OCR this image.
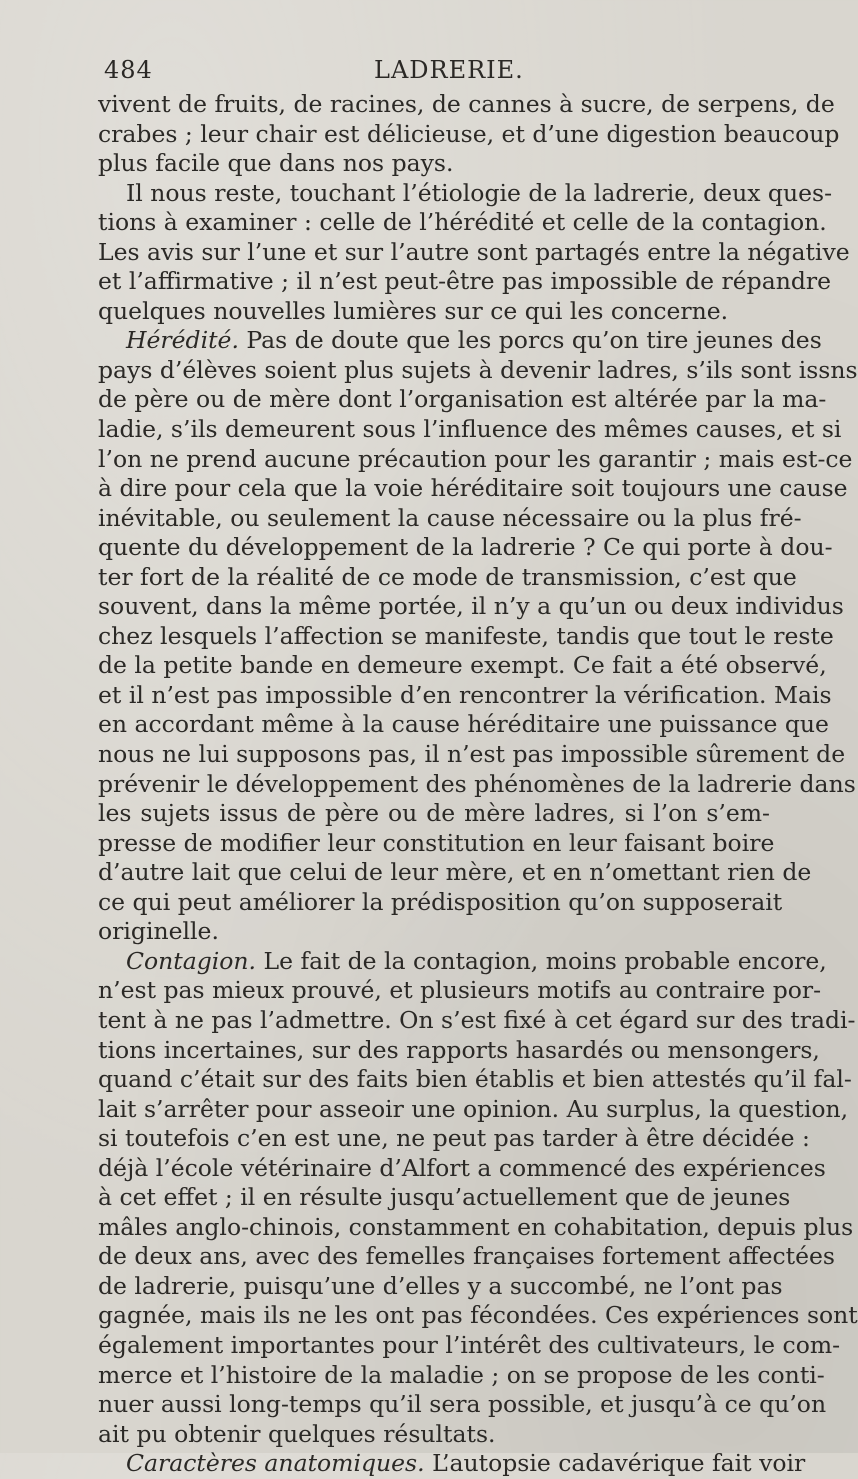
484	LADRERIE.
vivent de fruits, de racines, de cannes à sucre, de serpens, de
crabes ; leur chair est délicieuse, et d’une digestion beaucoup
plus facile que dans nos pays.
Il nous reste, touchant l’étiologie de la ladrerie, deux ques-
tions à examiner : celle de l’hérédité et celle de la contagion.
Les avis sur l’une et sur l’autre sont partagés entre la négative
et l’affirmative ; il n’est peut-être pas impossible de répandre
quelques nouvelles lumières sur ce qui les concerne.
Hérédité. Pas de doute que les porcs qu’on tire jeunes des
pays d’élèves soient plus sujets à devenir ladres, s’ils sont issns
de père ou de mère dont l’organisation est altérée par la ma-
ladie, s’ils demeurent sous l’influence des mêmes causes, et si
l’on ne prend aucune précaution pour les garantir ; mais est-ce
à dire pour cela que la voie héréditaire soit toujours une cause
inévitable, ou seulement la cause nécessaire ou la plus fré-
quente du développement de la ladrerie ? Ce qui porte à dou-
ter fort de la réalité de ce mode de transmission, c’est que
souvent, dans la même portée, il n’y a qu’un ou deux individus
chez lesquels l’affection se manifeste, tandis que tout le reste
de la petite bande en demeure exempt. Ce fait a été observé,
et il n’est pas impossible d’en rencontrer la vérification. Mais
en accordant même à la cause héréditaire une puissance que
nous ne lui supposons pas, il n’est pas impossible sûrement de
prévenir le développement des phénomènes de la ladrerie dans
les sujets issus de père ou de mère ladres, si l’on s’em-
presse de modifier leur constitution en leur faisant boire
d’autre lait que celui de leur mère, et en n’omettant rien de
ce qui peut améliorer la prédisposition qu’on supposerait
originelle.
Contagion. Le fait de la contagion, moins probable encore,
n’est pas mieux prouvé, et plusieurs motifs au contraire por-
tent à ne pas l’admettre. On s’est fixé à cet égard sur des tradi-
tions incertaines, sur des rapports hasardés ou mensongers,
quand c’était sur des faits bien établis et bien attestés qu’il fal-
lait s’arrêter pour asseoir une opinion. Au surplus, la question,
si toutefois c’en est une, ne peut pas tarder à être décidée :
déjà l’école vétérinaire d’Alfort a commencé des expériences
à cet effet ; il en résulte jusqu’actuellement que de jeunes
mâles anglo-chinois, constamment en cohabitation, depuis plus
de deux ans, avec des femelles françaises fortement affectées
de ladrerie, puisqu’une d’elles y a succombé, ne l’ont pas
gagnée, mais ils ne les ont pas fécondées. Ces expériences sont
également importantes pour l’intérêt des cultivateurs, le com-
merce et l’histoire de la maladie ; on se propose de les conti-
nuer aussi long-temps qu’il sera possible, et jusqu’à ce qu’on
ait pu obtenir quelques résultats.
Caractères anatomiques. L’autopsie cadavérique fait voir
